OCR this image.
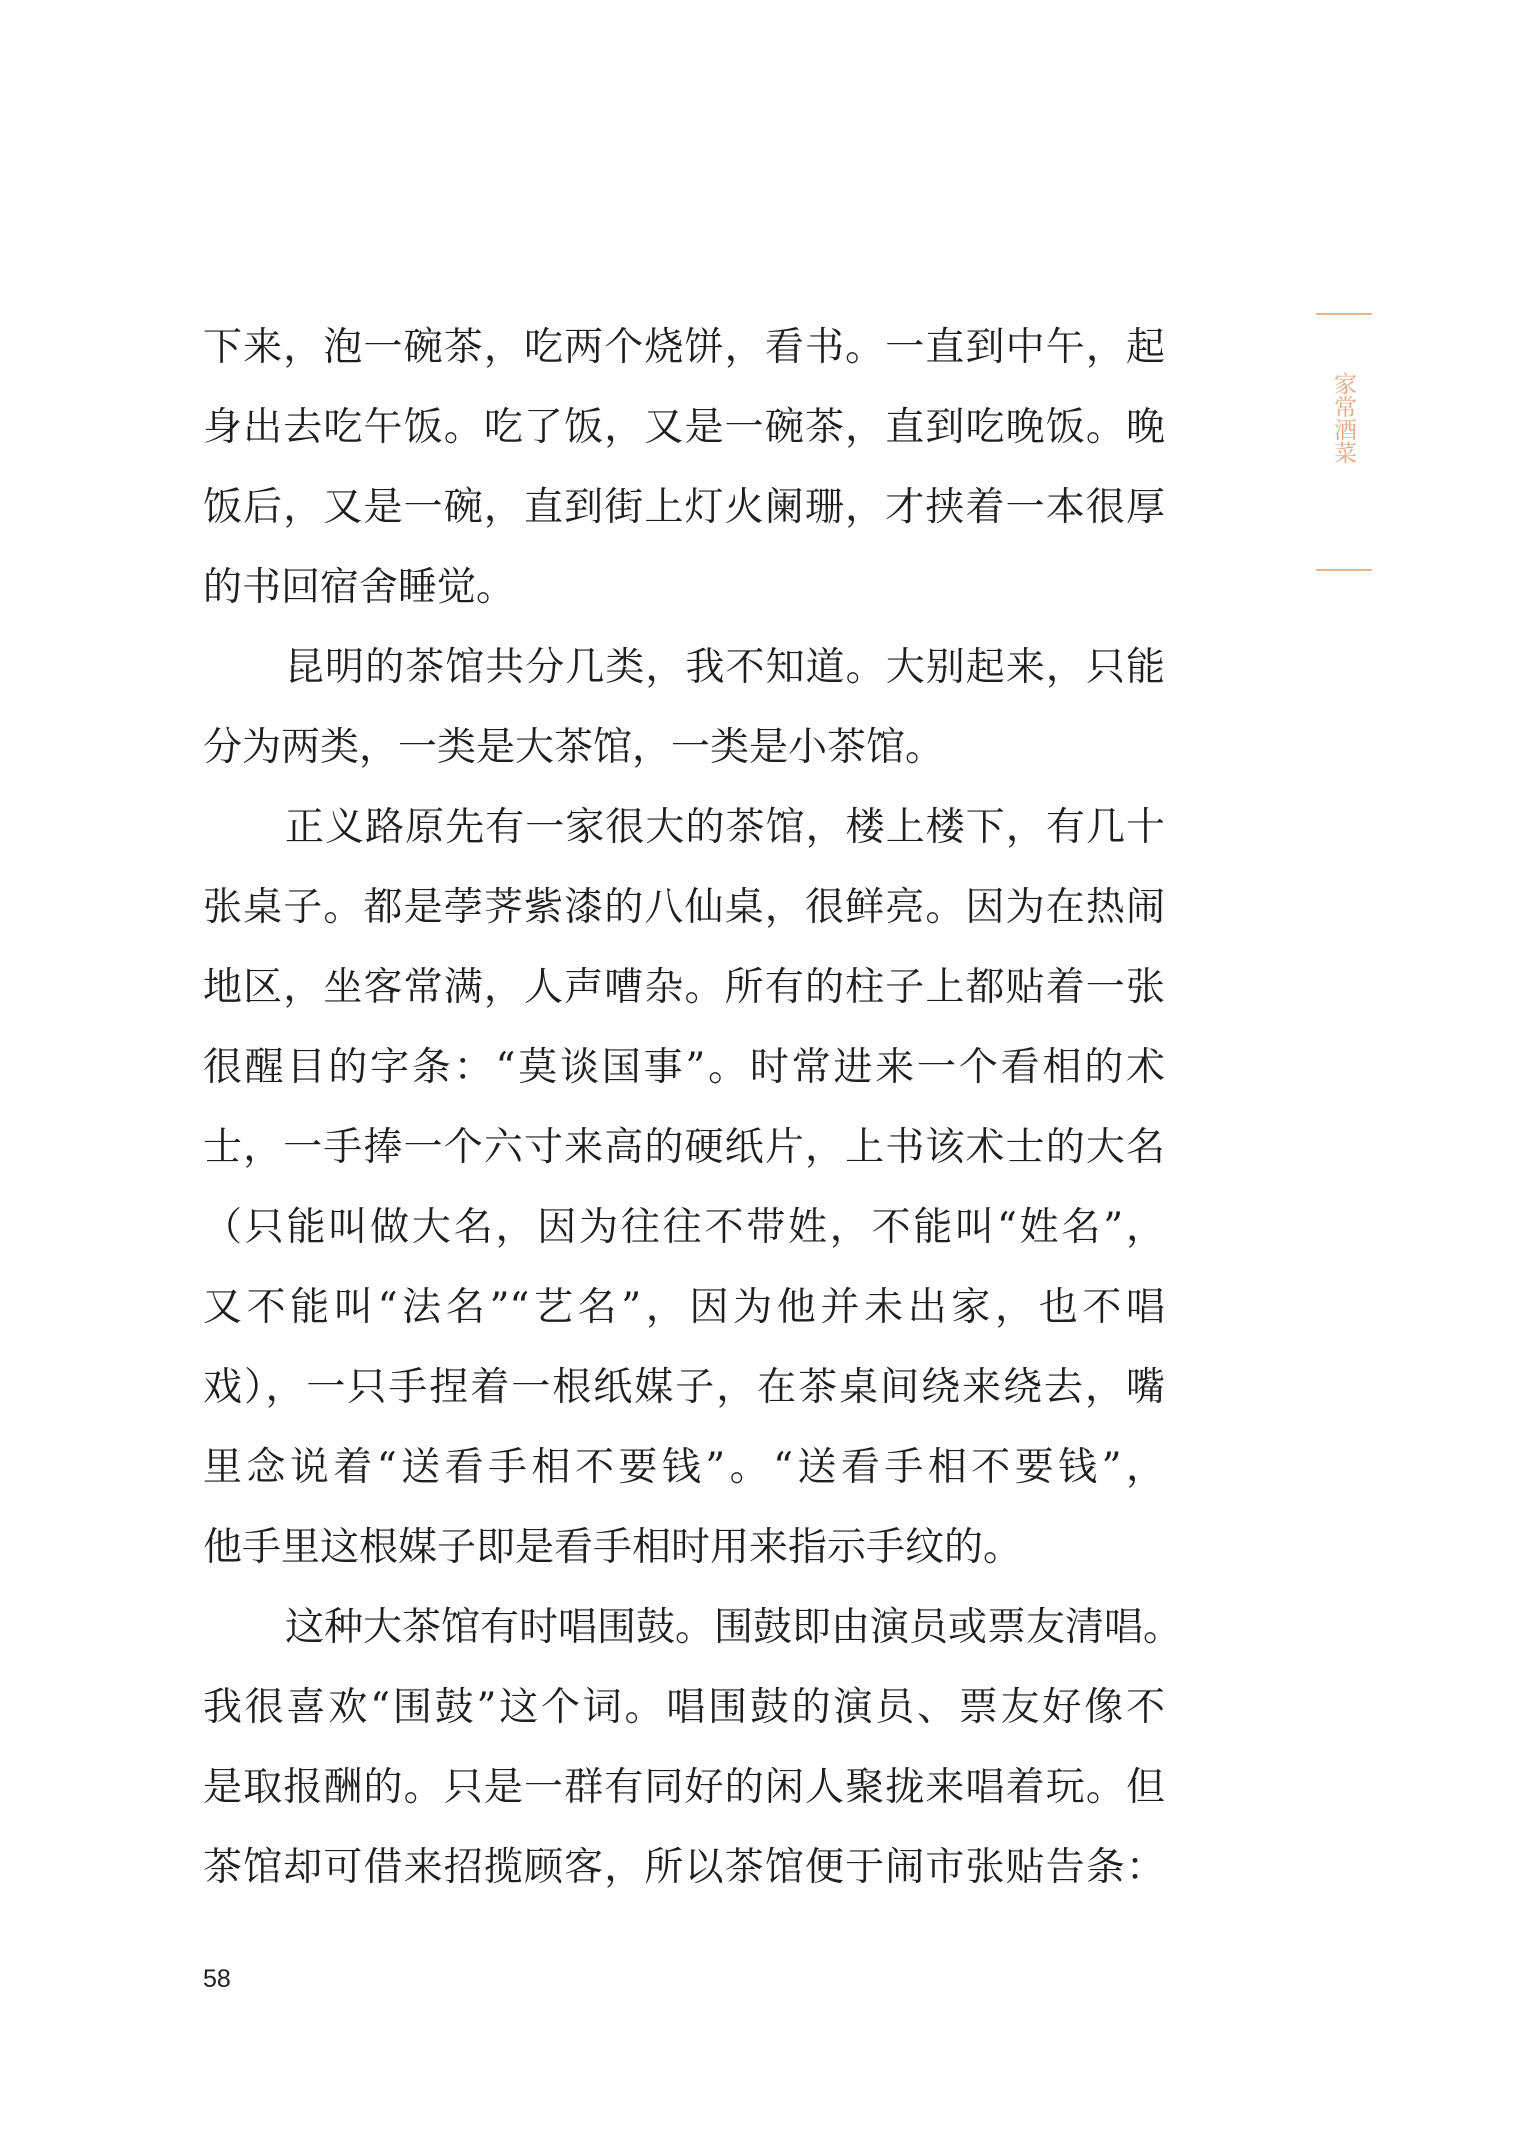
家常酒菜
下来，泡一碗茶，吃两个烧饼，看书。一直到中午，起
身出去吃午饭。吃了饭，又是一碗茶，直到吃晚饭。晚
饭后，又是一碗，直到街上灯火阑珊，才挟着一本很厚
的书回宿舍睡觉。
昆明的茶馆共分几类，我不知道。大别起来，只能
分为两类，一类是大茶馆，一类是小茶馆。
正义路原先有一家很大的茶馆，楼上楼下，有几十
张桌子。都是荸荠紫漆的八仙桌，很鲜亮。因为在热闹
地区，坐客常满，人声嘈杂。所有的柱子上都贴着一张
很醒目的字条：“莫谈国事”。时常进来一个看相的术
士，一手捧一个六寸来高的硬纸片，上书该术士的大名
（只能叫做大名，因为往往不带姓，不能叫“姓名”，
又不能叫“法名”“艺名”，因为他并未出家，也不唱
戏），一只手捏着一根纸媒子，在茶桌间绕来绕去，嘴
里念说着“送看手相不要钱”。“送看手相不要钱”，
他手里这根媒子即是看手相时用来指示手纹的。
这种大茶馆有时唱围鼓。围鼓即由演员或票友清唱。
我很喜欢“围鼓”这个词。唱围鼓的演员、票友好像不
是取报酬的。只是一群有同好的闲人聚拢来唱着玩。但
茶馆却可借来招揽顾客，所以茶馆便于闹市张贴告条：
58
